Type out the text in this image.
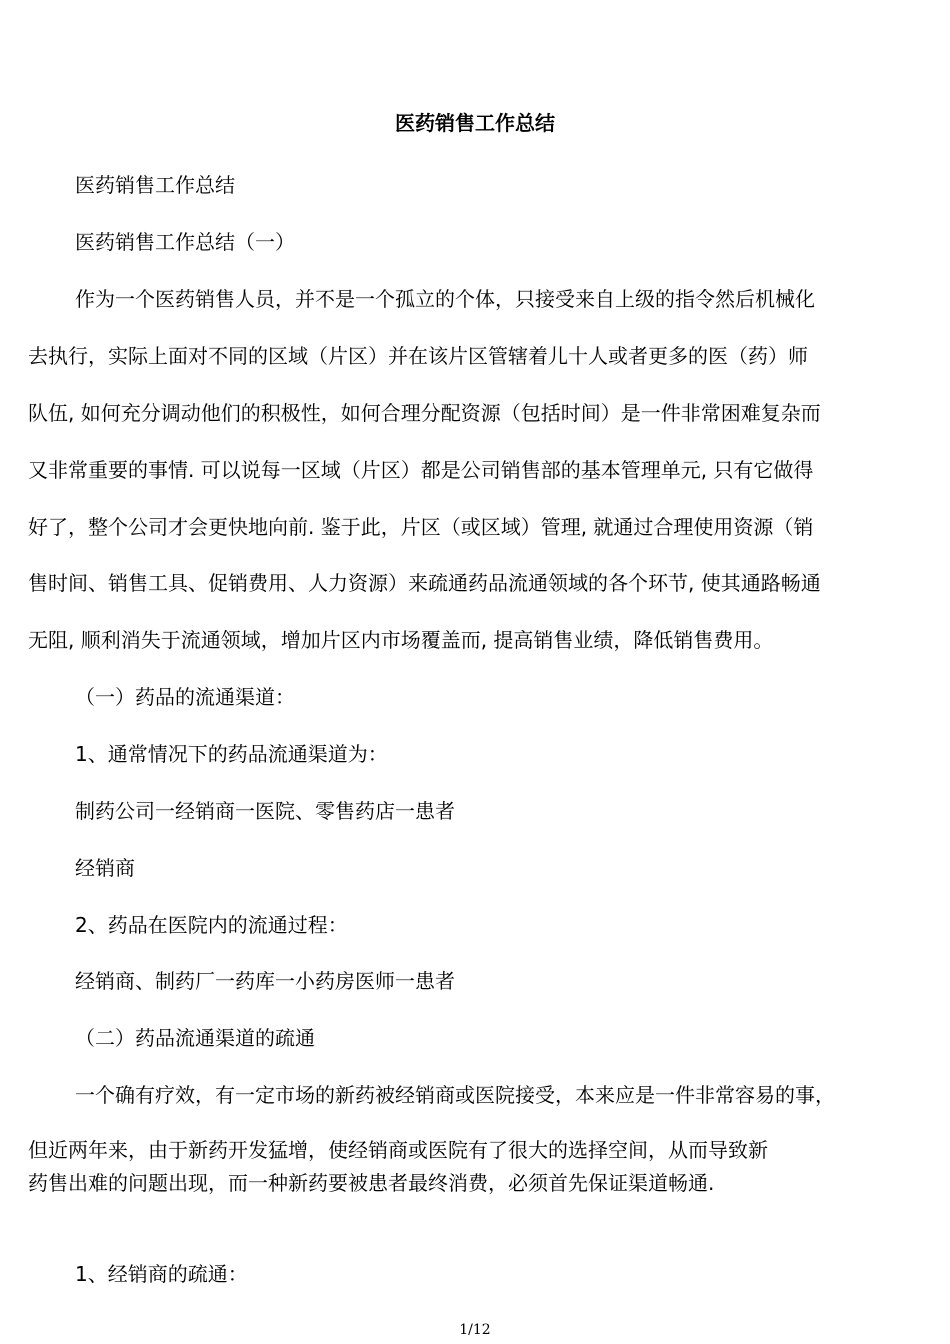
医药销售工作总结
医药销售工作总结
医药销售工作总结（一）
作为一个医药销售人员，并不是一个孤立的个体，只接受来自上级的指令然后机械化
去执行，实际上面对不同的区域（片区）并在该片区管辖着儿十人或者更多的医（药）师
队伍, 如何充分调动他们的积极性，如何合理分配资源（包括时间）是一件非常困难复杂而
又非常重要的事情. 可以说每一区域（片区）都是公司销售部的基本管理单元, 只有它做得
好了，整个公司才会更快地向前. 鉴于此，片区（或区域）管理, 就通过合理使用资源（销
售时间、销售工具、促销费用、人力资源）来疏通药品流通领域的各个环节, 使其通路畅通
无阻, 顺利消失于流通领域，增加片区内市场覆盖而, 提高销售业绩，降低销售费用。
（一）药品的流通渠道：
1、通常情况下的药品流通渠道为：
制药公司一经销商一医院、零售药店一患者
经销商
2、药品在医院内的流通过程：
经销商、制药厂一药库一小药房医师一患者
（二）药品流通渠道的疏通
一个确有疗效，有一定市场的新药被经销商或医院接受，本来应是一件非常容易的事，
但近两年来，由于新药开发猛增，使经销商或医院有了很大的选择空间，从而导致新
药售出难的问题出现，而一种新药要被患者最终消费，必须首先保证渠道畅通.
1、经销商的疏通：
1/12
